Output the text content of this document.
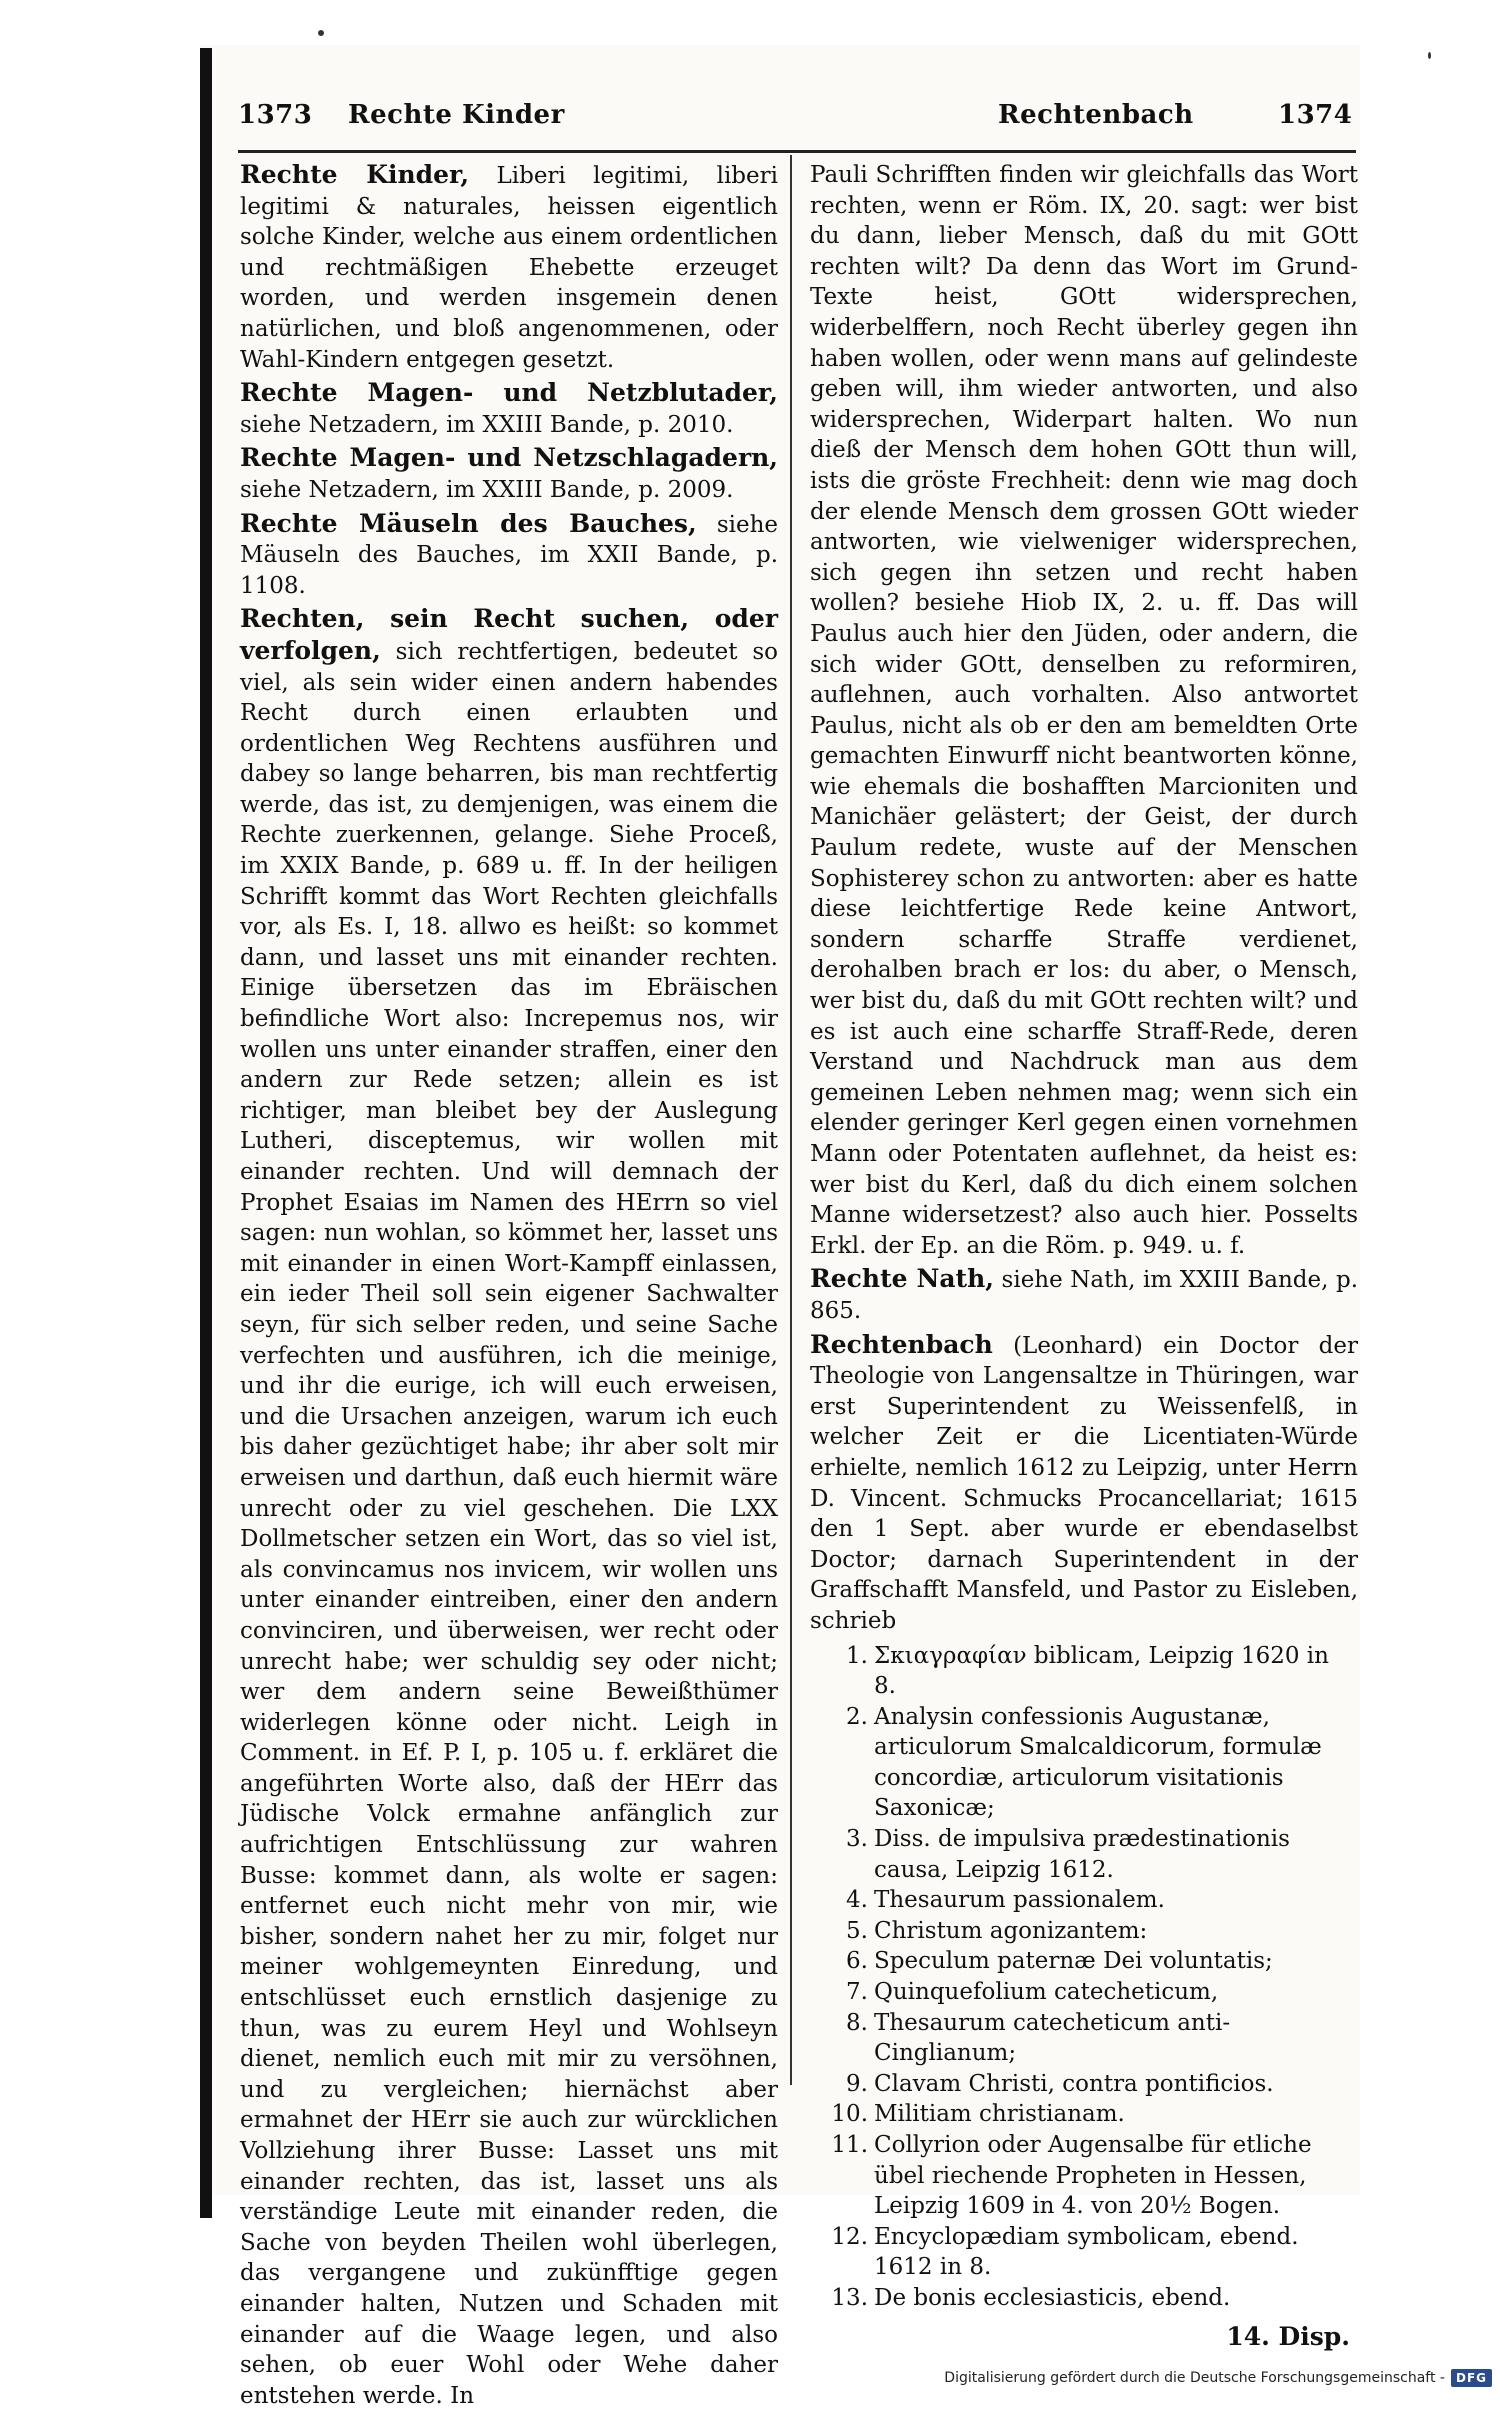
1373 Rechte Kinder	Rechtenbach	1374

Rechte Kinder, Liberi legitimi, liberi legitimi & naturales, heissen eigentlich solche Kinder, welche aus einem ordentlichen und rechtmäßigen Ehebette erzeuget worden, und werden insgemein denen natürlichen, und bloß angenommenen, oder Wahl-Kindern entgegen gesetzt.

Rechte Magen- und Netzblutader, siehe Netzadern, im XXIII Bande, p. 2010.

Rechte Magen- und Netzschlagadern, siehe Netzadern, im XXIII Bande, p. 2009.

Rechte Mäuseln des Bauches, siehe Mäuseln des Bauches, im XXII Bande, p. 1108.

Rechten, sein Recht suchen, oder verfolgen, sich rechtfertigen, bedeutet so viel, als sein wider einen andern habendes Recht durch einen erlaubten und ordentlichen Weg Rechtens ausführen und dabey so lange beharren, bis man rechtfertig werde, das ist, zu demjenigen, was einem die Rechte zuerkennen, gelange. Siehe Proceß, im XXIX Bande, p. 689 u. ff. In der heiligen Schrifft kommt das Wort Rechten gleichfalls vor, als Es. I, 18. allwo es heißt: so kommet dann, und lasset uns mit einander rechten. Einige übersetzen das im Ebräischen befindliche Wort also: Increpemus nos, wir wollen uns unter einander straffen, einer den andern zur Rede setzen; allein es ist richtiger, man bleibet bey der Auslegung Lutheri, disceptemus, wir wollen mit einander rechten. Und will demnach der Prophet Esaias im Namen des HErrn so viel sagen: nun wohlan, so kömmet her, lasset uns mit einander in einen Wort-Kampff einlassen, ein ieder Theil soll sein eigener Sachwalter seyn, für sich selber reden, und seine Sache verfechten und ausführen, ich die meinige, und ihr die eurige, ich will euch erweisen, und die Ursachen anzeigen, warum ich euch bis daher gezüchtiget habe; ihr aber solt mir erweisen und darthun, daß euch hiermit wäre unrecht oder zu viel geschehen. Die LXX Dollmetscher setzen ein Wort, das so viel ist, als convincamus nos invicem, wir wollen uns unter einander eintreiben, einer den andern convinciren, und überweisen, wer recht oder unrecht habe; wer schuldig sey oder nicht; wer dem andern seine Beweißthümer widerlegen könne oder nicht. Leigh in Comment. in Ef. P. I, p. 105 u. f. erkläret die angeführten Worte also, daß der HErr das Jüdische Volck ermahne anfänglich zur aufrichtigen Entschlüssung zur wahren Busse: kommet dann, als wolte er sagen: entfernet euch nicht mehr von mir, wie bisher, sondern nahet her zu mir, folget nur meiner wohlgemeynten Einredung, und entschlüsset euch ernstlich dasjenige zu thun, was zu eurem Heyl und Wohlseyn dienet, nemlich euch mit mir zu versöhnen, und zu vergleichen; hiernächst aber ermahnet der HErr sie auch zur würcklichen Vollziehung ihrer Busse: Lasset uns mit einander rechten, das ist, lasset uns als verständige Leute mit einander reden, die Sache von beyden Theilen wohl überlegen, das vergangene und zukünfftige gegen einander halten, Nutzen und Schaden mit einander auf die Waage legen, und also sehen, ob euer Wohl oder Wehe daher entstehen werde. In

Pauli Schrifften finden wir gleichfalls das Wort rechten, wenn er Röm. IX, 20. sagt: wer bist du dann, lieber Mensch, daß du mit GOtt rechten wilt? Da denn das Wort im Grund-Texte heist, GOtt widersprechen, widerbelffern, noch Recht überley gegen ihn haben wollen, oder wenn mans auf gelindeste geben will, ihm wieder antworten, und also widersprechen, Widerpart halten. Wo nun dieß der Mensch dem hohen GOtt thun will, ists die gröste Frechheit: denn wie mag doch der elende Mensch dem grossen GOtt wieder antworten, wie vielweniger widersprechen, sich gegen ihn setzen und recht haben wollen? besiehe Hiob IX, 2. u. ff. Das will Paulus auch hier den Jüden, oder andern, die sich wider GOtt, denselben zu reformiren, auflehnen, auch vorhalten. Also antwortet Paulus, nicht als ob er den am bemeldten Orte gemachten Einwurff nicht beantworten könne, wie ehemals die boshafften Marcioniten und Manichäer gelästert; der Geist, der durch Paulum redete, wuste auf der Menschen Sophisterey schon zu antworten: aber es hatte diese leichtfertige Rede keine Antwort, sondern scharffe Straffe verdienet, derohalben brach er los: du aber, o Mensch, wer bist du, daß du mit GOtt rechten wilt? und es ist auch eine scharffe Straff-Rede, deren Verstand und Nachdruck man aus dem gemeinen Leben nehmen mag; wenn sich ein elender geringer Kerl gegen einen vornehmen Mann oder Potentaten auflehnet, da heist es: wer bist du Kerl, daß du dich einem solchen Manne widersetzest? also auch hier. Posselts Erkl. der Ep. an die Röm. p. 949. u. f.

Rechte Nath, siehe Nath, im XXIII Bande, p. 865.

Rechtenbach (Leonhard) ein Doctor der Theologie von Langensaltze in Thüringen, war erst Superintendent zu Weissenfelß, in welcher Zeit er die Licentiaten-Würde erhielte, nemlich 1612 zu Leipzig, unter Herrn D. Vincent. Schmucks Procancellariat; 1615 den 1 Sept. aber wurde er ebendaselbst Doctor; darnach Superintendent in der Graffschafft Mansfeld, und Pastor zu Eisleben, schrieb

1. Σκιαγραφίαν biblicam, Leipzig 1620 in 8.
2. Analysin confessionis Augustanæ, articulorum Smalcaldicorum, formulæ concordiæ, articulorum visitationis Saxonicæ;
3. Diss. de impulsiva prædestinationis causa, Leipzig 1612.
4. Thesaurum passionalem.
5. Christum agonizantem:
6. Speculum paternæ Dei voluntatis;
7. Quinquefolium catecheticum,
8. Thesaurum catecheticum anti-Cinglianum;
9. Clavam Christi, contra pontificios.
10. Militiam christianam.
11. Collyrion oder Augensalbe für etliche übel riechende Propheten in Hessen, Leipzig 1609 in 4. von 20½ Bogen.
12. Encyclopædiam symbolicam, ebend. 1612 in 8.
13. De bonis ecclesiasticis, ebend.
14. Disp.
Digitalisierung gefördert durch die Deutsche Forschungsgemeinschaft - DFG
